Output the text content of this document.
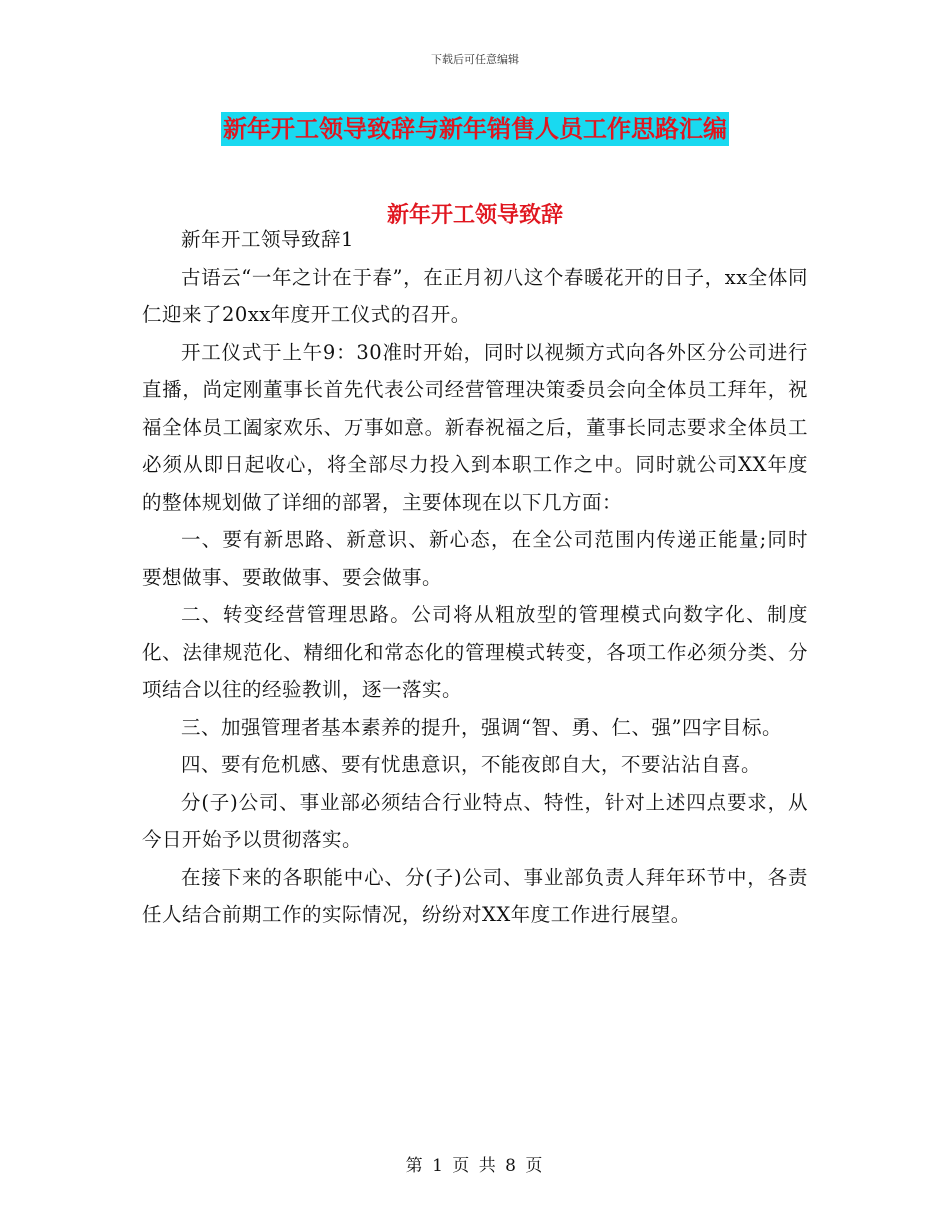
下载后可任意编辑
新年开工领导致辞与新年销售人员工作思路汇编
新年开工领导致辞

新年开工领导致辞1

古语云“一年之计在于春”，在正月初八这个春暖花开的日子，xx全体同仁迎来了20xx年度开工仪式的召开。

开工仪式于上午9：30准时开始，同时以视频方式向各外区分公司进行直播，尚定刚董事长首先代表公司经营管理决策委员会向全体员工拜年，祝福全体员工阖家欢乐、万事如意。新春祝福之后，董事长同志要求全体员工必须从即日起收心，将全部尽力投入到本职工作之中。同时就公司XX年度的整体规划做了详细的部署，主要体现在以下几方面：

一、要有新思路、新意识、新心态，在全公司范围内传递正能量;同时要想做事、要敢做事、要会做事。

二、转变经营管理思路。公司将从粗放型的管理模式向数字化、制度化、法律规范化、精细化和常态化的管理模式转变，各项工作必须分类、分项结合以往的经验教训，逐一落实。

三、加强管理者基本素养的提升，强调“智、勇、仁、强”四字目标。

四、要有危机感、要有忧患意识，不能夜郎自大，不要沾沾自喜。

分(子)公司、事业部必须结合行业特点、特性，针对上述四点要求，从今日开始予以贯彻落实。

在接下来的各职能中心、分(子)公司、事业部负责人拜年环节中，各责任人结合前期工作的实际情况，纷纷对XX年度工作进行展望。

第 1 页 共 8 页
